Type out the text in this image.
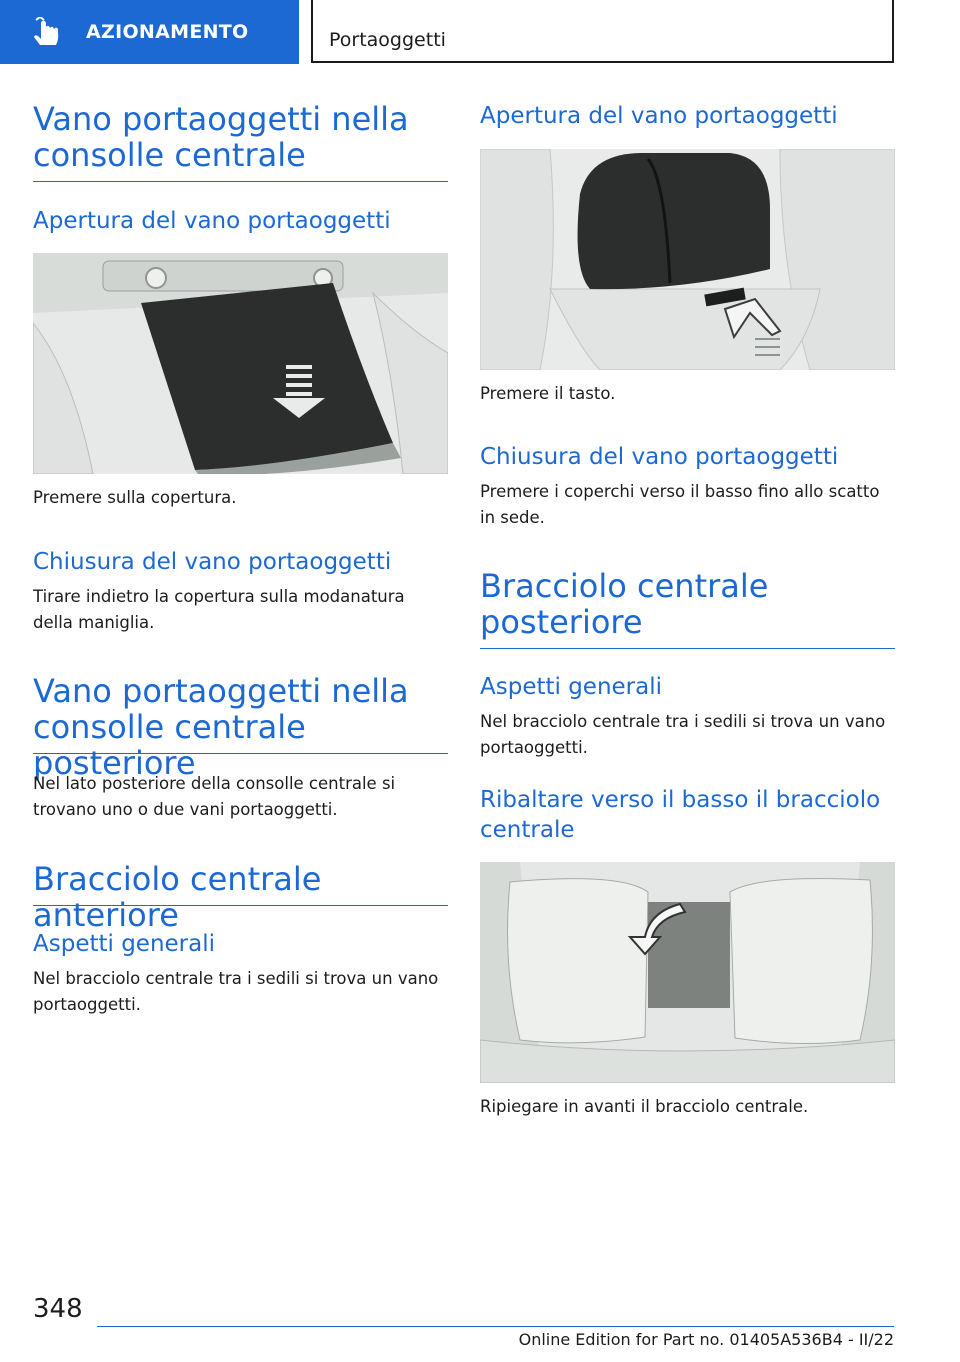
AZIONAMENTO	Portaoggetti
Vano portaoggetti nella consolle centrale
Apertura del vano portaoggetti

Premere sulla copertura.

Chiusura del vano portaoggetti

Tirare indietro la copertura sulla modanatura della maniglia.

Vano portaoggetti nella consolle centrale posteriore

Nel lato posteriore della consolle centrale si trovano uno o due vani portaoggetti.

Bracciolo centrale anteriore
Aspetti generali

Nel bracciolo centrale tra i sedili si trova un vano portaoggetti.

Apertura del vano portaoggetti

Premere il tasto.

Chiusura del vano portaoggetti

Premere i coperchi verso il basso fino allo scatto in sede.

Bracciolo centrale posteriore
Aspetti generali

Nel bracciolo centrale tra i sedili si trova un vano portaoggetti.

Ribaltare verso il basso il bracciolo centrale

Ripiegare in avanti il bracciolo centrale.

348
Online Edition for Part no. 01405A536B4 - II/22
